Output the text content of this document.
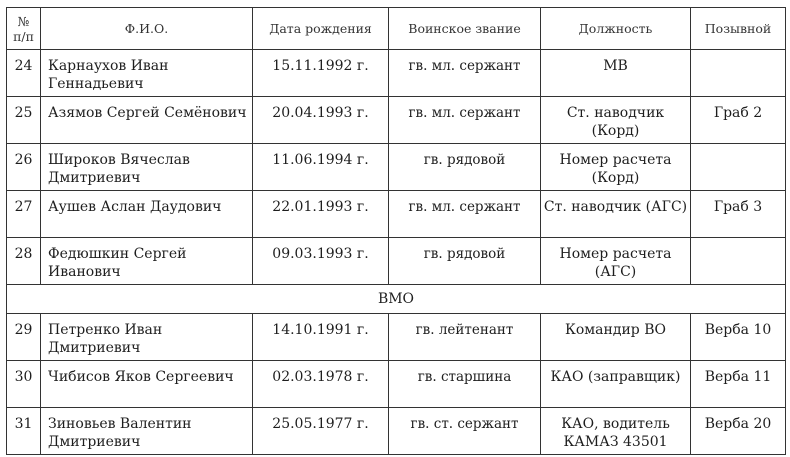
№
п/п	Ф.И.О.	Дата рождения	Воинское звание	Должность	Позывной
24	Карнаухов Иван Геннадьевич	15.11.1992 г.	гв. мл. сержант	МВ	
25	Азямов Сергей Семёнович	20.04.1993 г.	гв. мл. сержант	Ст. наводчик (Корд)	Граб 2
26	Широков Вячеслав Дмитриевич	11.06.1994 г.	гв. рядовой	Номер расчета (Корд)	
27	Аушев Аслан Даудович	22.01.1993 г.	гв. мл. сержант	Ст. наводчик (АГС)	Граб 3
28	Федюшкин Сергей Иванович	09.03.1993 г.	гв. рядовой	Номер расчета (АГС)	
ВМО					
29	Петренко Иван Дмитриевич	14.10.1991 г.	гв. лейтенант	Командир ВО	Верба 10
30	Чибисов Яков Сергеевич	02.03.1978 г.	гв. старшина	КАО (заправщик)	Верба 11
31	Зиновьев Валентин Дмитриевич	25.05.1977 г.	гв. ст. сержант	КАО, водитель КАМАЗ 43501	Верба 20
